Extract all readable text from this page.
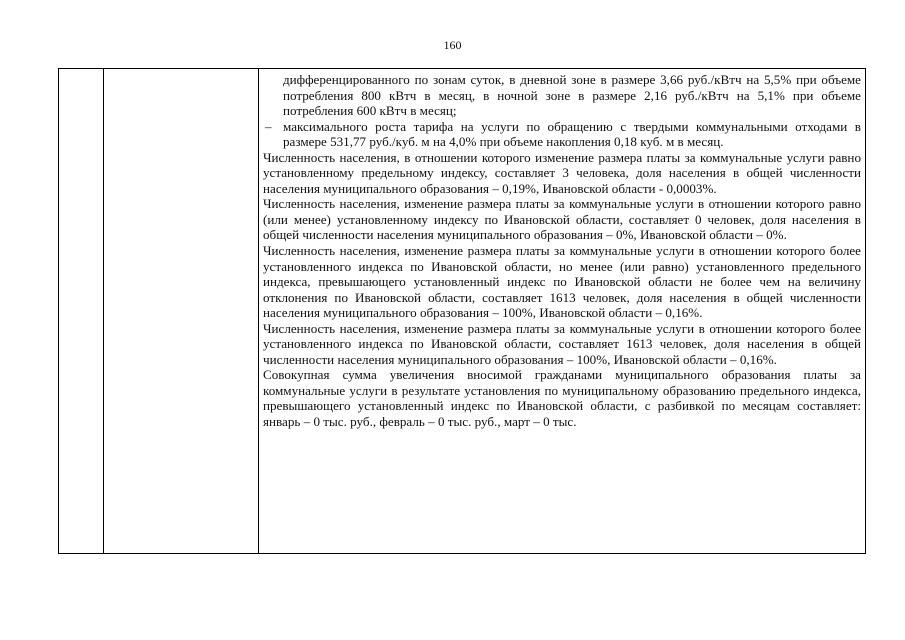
160

дифференцированного по зонам суток, в дневной зоне в размере 3,66 руб./кВтч на 5,5% при объеме потребления 800 кВтч в месяц, в ночной зоне в размере 2,16 руб./кВтч на 5,1% при объеме потребления 600 кВтч в месяц;

– максимального роста тарифа на услуги по обращению с твердыми коммунальными отходами в размере 531,77 руб./куб. м на 4,0% при объеме накопления 0,18 куб. м в месяц.

Численность населения, в отношении которого изменение размера платы за коммунальные услуги равно установленному предельному индексу, составляет 3 человека, доля населения в общей численности населения муниципального образования – 0,19%, Ивановской области - 0,0003%.

Численность населения, изменение размера платы за коммунальные услуги в отношении которого равно (или менее) установленному индексу по Ивановской области, составляет 0 человек, доля населения в общей численности населения муниципального образования – 0%, Ивановской области – 0%.

Численность населения, изменение размера платы за коммунальные услуги в отношении которого более установленного индекса по Ивановской области, но менее (или равно) установленного предельного индекса, превышающего установленный индекс по Ивановской области не более чем на величину отклонения по Ивановской области, составляет 1613 человек, доля населения в общей численности населения муниципального образования – 100%, Ивановской области – 0,16%.

Численность населения, изменение размера платы за коммунальные услуги в отношении которого более установленного индекса по Ивановской области, составляет 1613 человек, доля населения в общей численности населения муниципального образования – 100%, Ивановской области – 0,16%.

Совокупная сумма увеличения вносимой гражданами муниципального образования платы за коммунальные услуги в результате установления по муниципальному образованию предельного индекса, превышающего установленный индекс по Ивановской области, с разбивкой по месяцам составляет: январь – 0 тыс. руб., февраль – 0 тыс. руб., март – 0 тыс.
